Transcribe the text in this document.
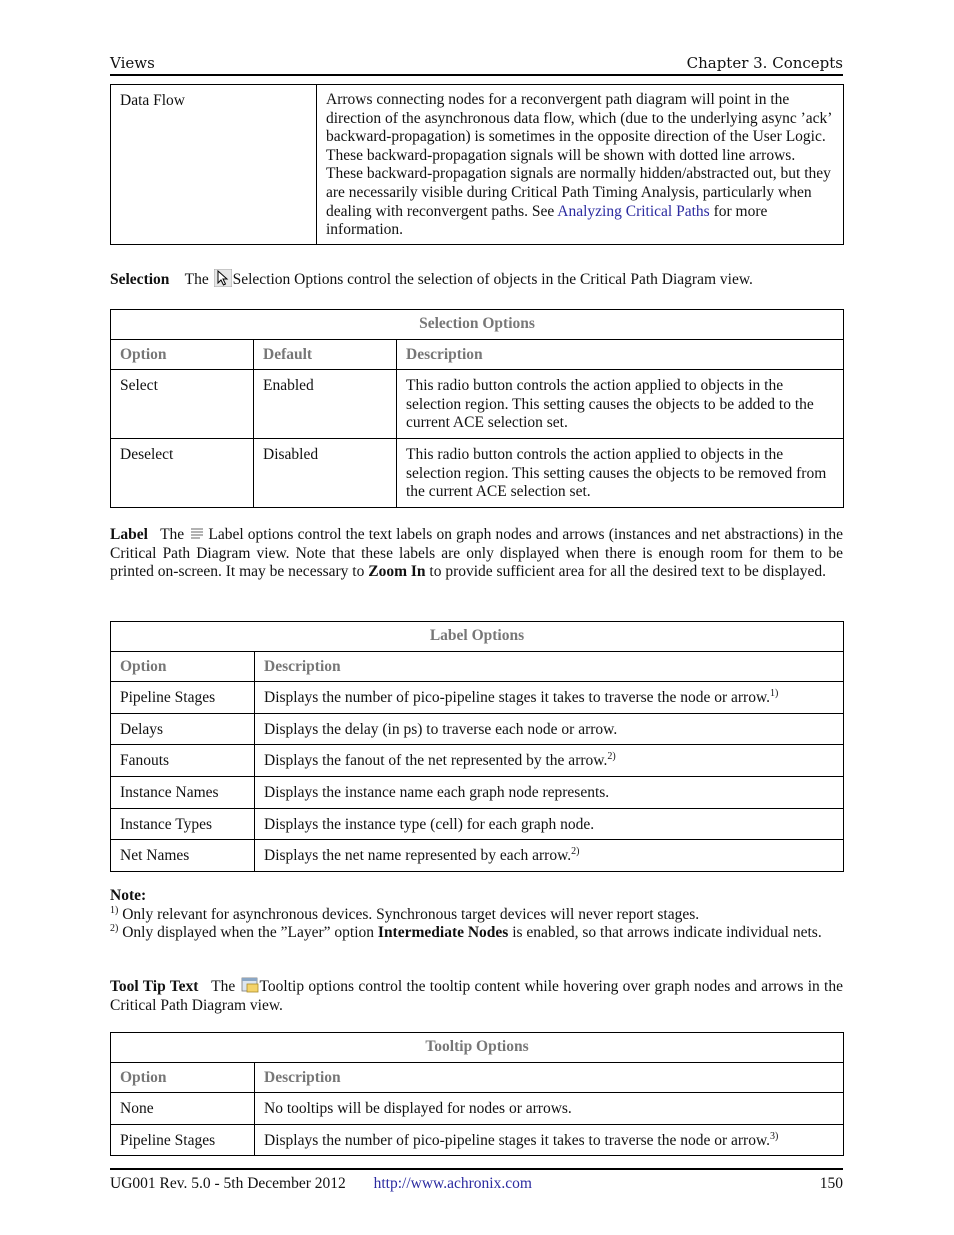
Views	Chapter 3. Concepts
Data Flow	Arrows connecting nodes for a reconvergent path diagram will point in the direction of the asynchronous data flow, which (due to the underlying async ’ack’ backward-propagation) is sometimes in the opposite direction of the User Logic. These backward-propagation signals will be shown with dotted line arrows. These backward-propagation signals are normally hidden/abstracted out, but they are necessarily visible during Critical Path Timing Analysis, particularly when dealing with reconvergent paths. See Analyzing Critical Paths for more information.
Selection The Selection Options control the selection of objects in the Critical Path Diagram view.
Selection Options		
Option	Default	Description
Select	Enabled	This radio button controls the action applied to objects in the selection region. This setting causes the objects to be added to the current ACE selection set.
Deselect	Disabled	This radio button controls the action applied to objects in the selection region. This setting causes the objects to be removed from the current ACE selection set.
Label The Label options control the text labels on graph nodes and arrows (instances and net abstractions) in the Critical Path Diagram view. Note that these labels are only displayed when there is enough room for them to be printed on-screen. It may be necessary to Zoom In to provide sufficient area for all the desired text to be displayed.
Label Options	
Option	Description
Pipeline Stages	Displays the number of pico-pipeline stages it takes to traverse the node or arrow.$^{1)}$
Delays	Displays the delay (in ps) to traverse each node or arrow.
Fanouts	Displays the fanout of the net represented by the arrow.$^{2)}$
Instance Names	Displays the instance name each graph node represents.
Instance Types	Displays the instance type (cell) for each graph node.
Net Names	Displays the net name represented by each arrow.$^{2)}$
Note:
$^{1)}$ Only relevant for asynchronous devices. Synchronous target devices will never report stages.
$^{2)}$ Only displayed when the ”Layer” option Intermediate Nodes is enabled, so that arrows indicate individual nets.
Tool Tip Text The Tooltip options control the tooltip content while hovering over graph nodes and arrows in the Critical Path Diagram view.
Tooltip Options	
Option	Description
None	No tooltips will be displayed for nodes or arrows.
Pipeline Stages	Displays the number of pico-pipeline stages it takes to traverse the node or arrow.$^{3)}$
UG001 Rev. 5.0 - 5th December 2012 http://www.achronix.com	150
